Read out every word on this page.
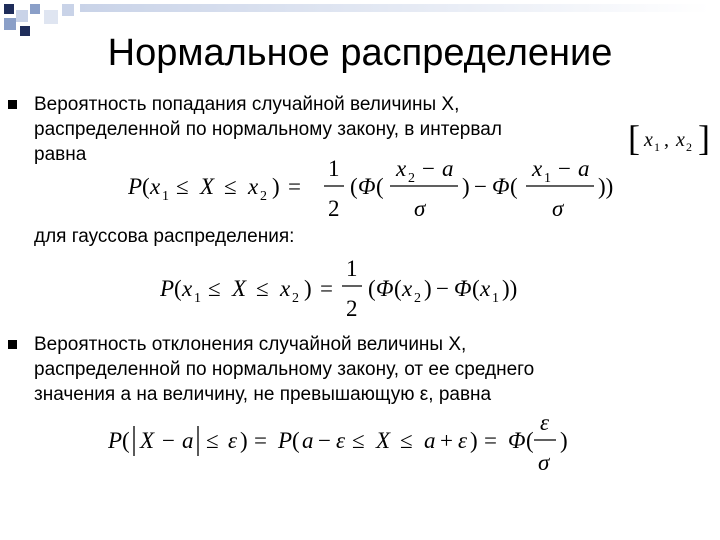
Нормальное распределение
Вероятность попадания случайной величины Х,
распределенной по нормальному закону, в интервал
равна	[ x 1 , x 2 ]
P ( x 1 ≤ X ≤ x 2 ) =
1
2
( Φ (
x 2 − a
σ
) − Φ (
x 1 − a
σ
))
для гауссова распределения:
P ( x 1 ≤ X ≤ x 2 ) =
1
2
( Φ ( x 2 ) − Φ ( x 1 ))
Вероятность отклонения случайной величины Х,
распределенной по нормальному закону, от ее среднего
значения а на величину, не превышающую ε, равна
P ( X − a ≤ ε ) = P ( a − ε ≤ X ≤ a + ε ) = Φ (
ε
σ
)
